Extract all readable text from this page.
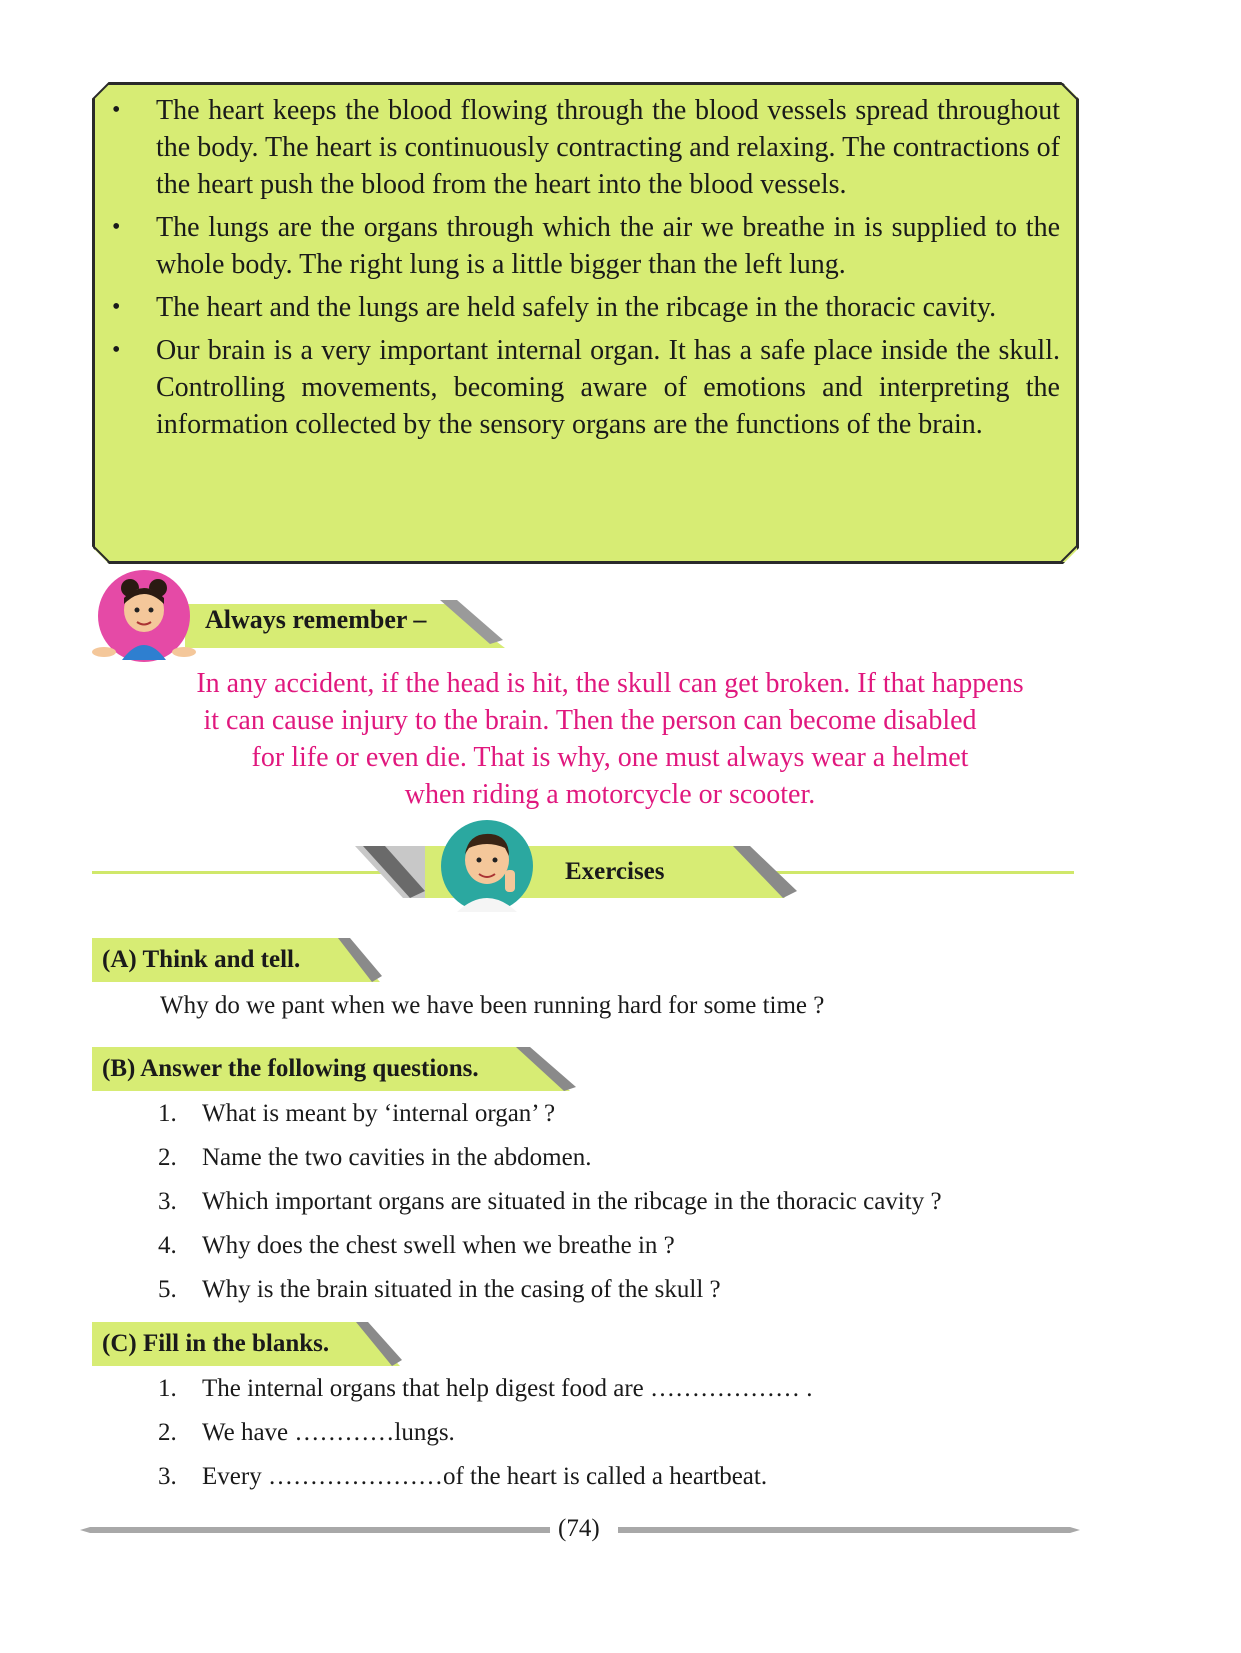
• The heart keeps the blood flowing through the blood vessels spread throughout the body. The heart is continuously contracting and relaxing. The contractions of the heart push the blood from the heart into the blood vessels.
• The lungs are the organs through which the air we breathe in is supplied to the whole body. The right lung is a little bigger than the left lung.
• The heart and the lungs are held safely in the ribcage in the thoracic cavity.
• Our brain is a very important internal organ. It has a safe place inside the skull. Controlling movements, becoming aware of emotions and interpreting the information collected by the sensory organs are the functions of the brain.
Always remember –
In any accident, if the head is hit, the skull can get broken. If that happens
it can cause injury to the brain. Then the person can become disabled
for life or even die. That is why, one must always wear a helmet
when riding a motorcycle or scooter.
Exercises
(A) Think and tell.
Why do we pant when we have been running hard for some time ?
(B) Answer the following questions.
1. What is meant by ‘internal organ’ ?
2. Name the two cavities in the abdomen.
3. Which important organs are situated in the ribcage in the thoracic cavity ?
4. Why does the chest swell when we breathe in ?
5. Why is the brain situated in the casing of the skull ?
(C) Fill in the blanks.
1. The internal organs that help digest food are ……………… .
2. We have …………lungs.
3. Every …………………of the heart is called a heartbeat.
(74)
